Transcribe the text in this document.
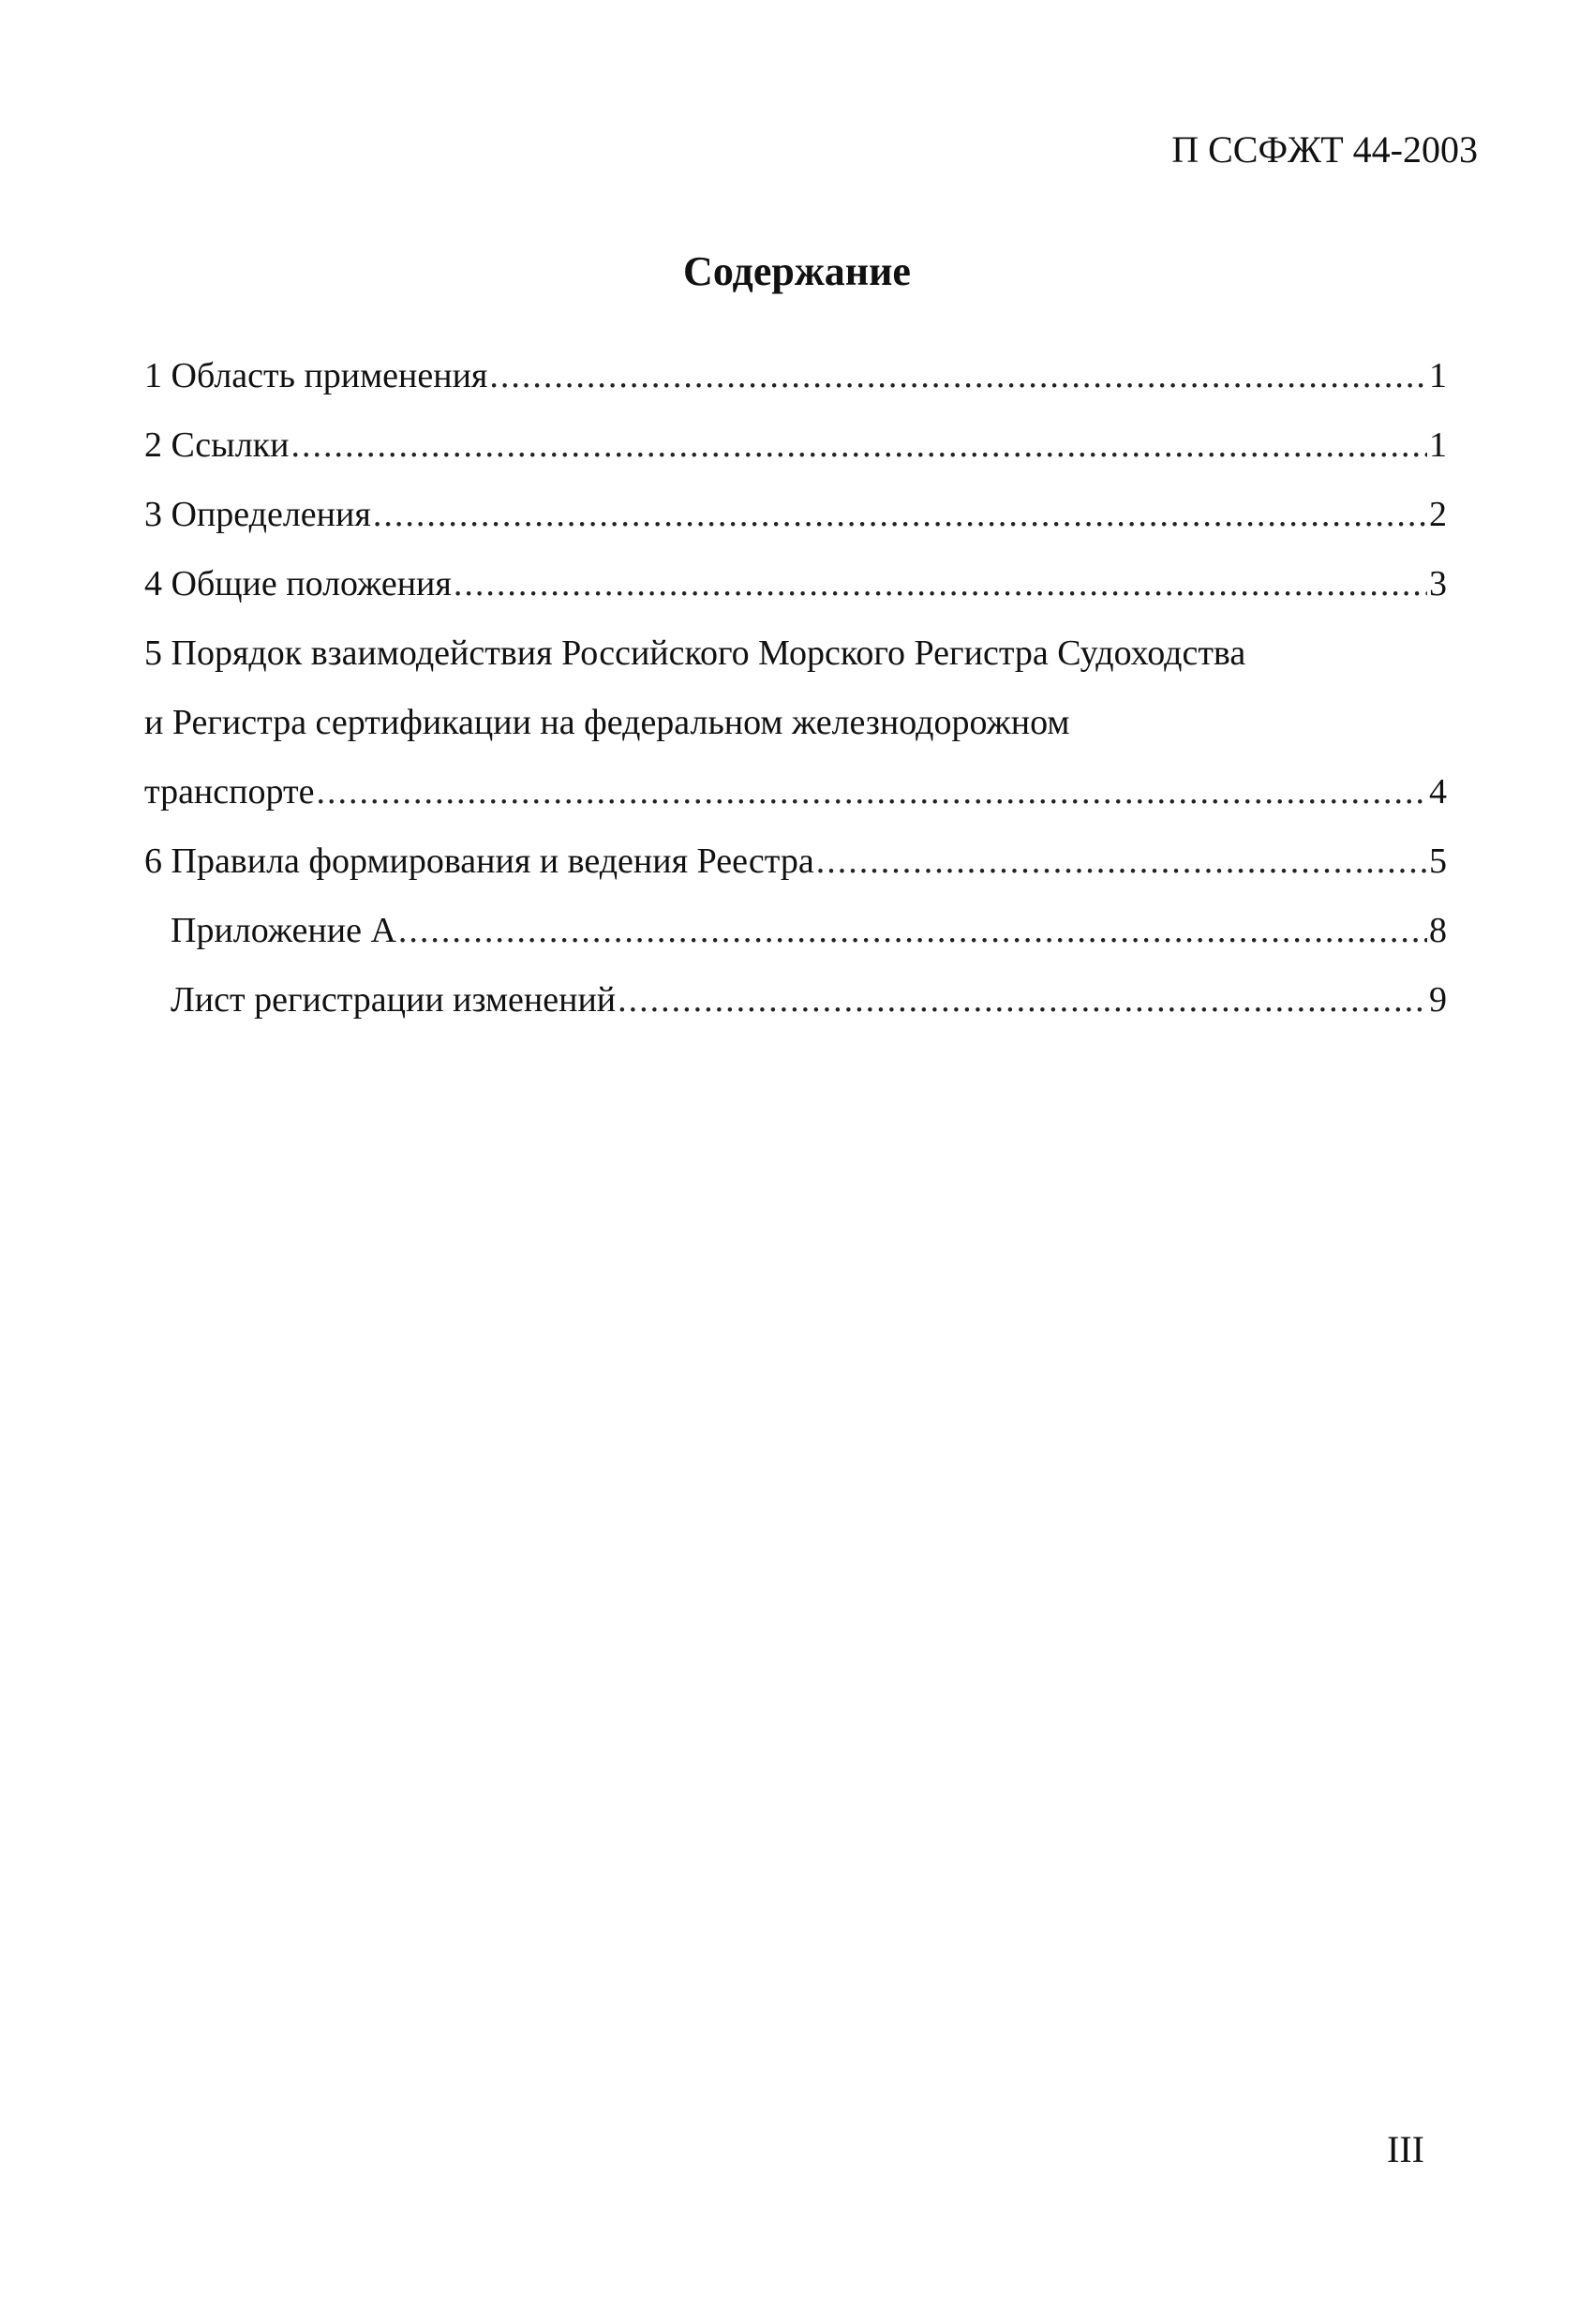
П ССФЖТ 44-2003
Содержание
1 Область применения .....	1
2 Ссылки .....	1
3 Определения .....	2
4 Общие положения .....	3
5 Порядок взаимодействия Российского Морского Регистра Судоходства
и Регистра сертификации на федеральном железнодорожном
транспорте .....	4
6 Правила формирования и ведения Реестра .....	5
Приложение А .....	8
Лист регистрации изменений .....	9
III
